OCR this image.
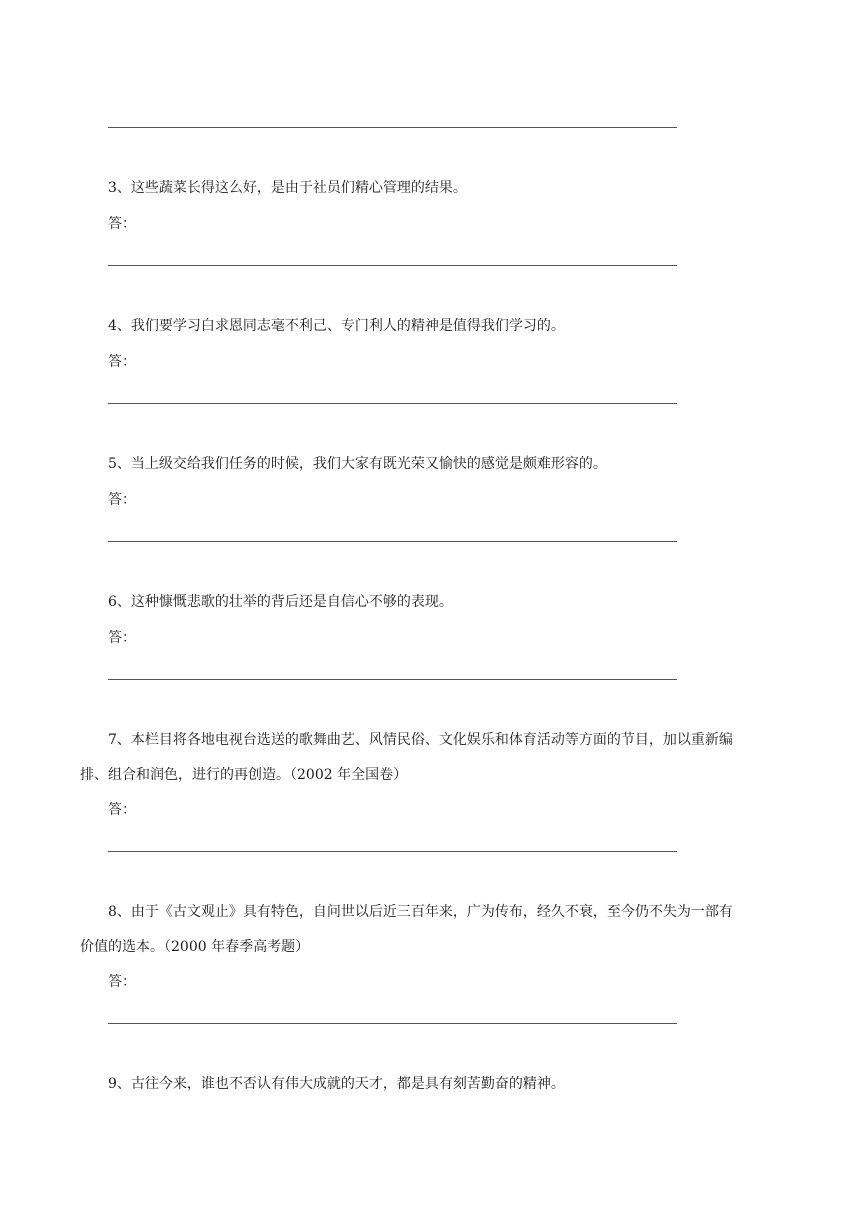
3、这些蔬菜长得这么好，是由于社员们精心管理的结果。
答：
4、我们要学习白求恩同志毫不利己、专门利人的精神是值得我们学习的。
答：
5、当上级交给我们任务的时候，我们大家有既光荣又愉快的感觉是颇难形容的。
答：
6、这种慷慨悲歌的壮举的背后还是自信心不够的表现。
答：
7、本栏目将各地电视台选送的歌舞曲艺、风情民俗、文化娱乐和体育活动等方面的节目，加以重新编
排、组合和润色，进行的再创造。（2002 年全国卷）
答：
8、由于《古文观止》具有特色，自问世以后近三百年来，广为传布，经久不衰，至今仍不失为一部有
价值的选本。（2000 年春季高考题）
答：
9、古往今来，谁也不否认有伟大成就的天才，都是具有刻苦勤奋的精神。
